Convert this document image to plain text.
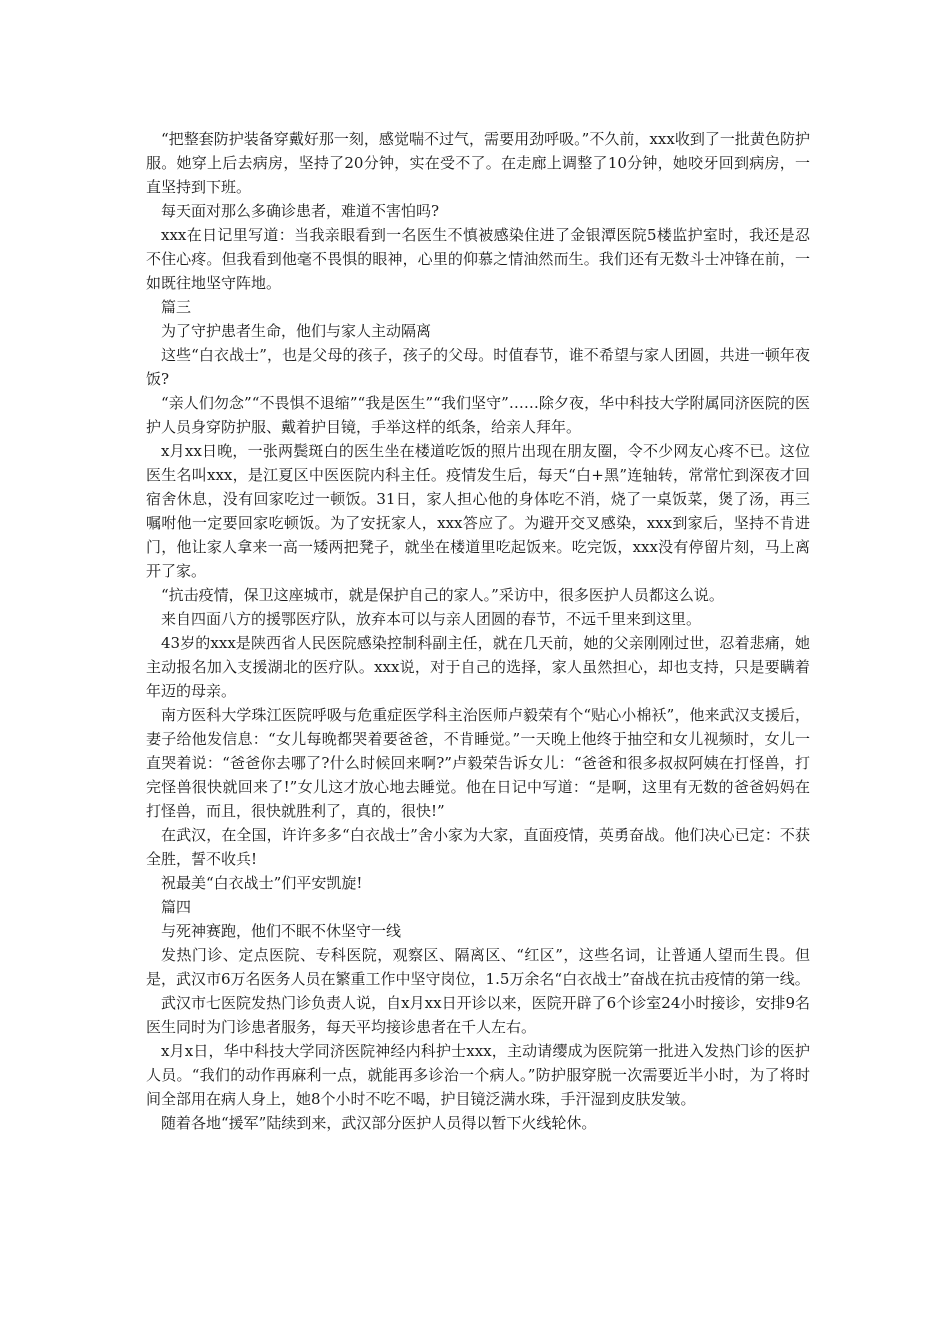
“把整套防护装备穿戴好那一刻，感觉喘不过气，需要用劲呼吸。”不久前，xxx收到了一批黄色防护服。她穿上后去病房，坚持了20分钟，实在受不了。在走廊上调整了10分钟，她咬牙回到病房，一直坚持到下班。

每天面对那么多确诊患者，难道不害怕吗?

xxx在日记里写道：当我亲眼看到一名医生不慎被感染住进了金银潭医院5楼监护室时，我还是忍不住心疼。但我看到他毫不畏惧的眼神，心里的仰慕之情油然而生。我们还有无数斗士冲锋在前，一如既往地坚守阵地。

篇三

为了守护患者生命，他们与家人主动隔离

这些“白衣战士”，也是父母的孩子，孩子的父母。时值春节，谁不希望与家人团圆，共进一顿年夜饭?

“亲人们勿念”“不畏惧不退缩”“我是医生”“我们坚守”……除夕夜，华中科技大学附属同济医院的医护人员身穿防护服、戴着护目镜，手举这样的纸条，给亲人拜年。

x月xx日晚，一张两鬓斑白的医生坐在楼道吃饭的照片出现在朋友圈，令不少网友心疼不已。这位医生名叫xxx，是江夏区中医医院内科主任。疫情发生后，每天“白+黑”连轴转，常常忙到深夜才回宿舍休息，没有回家吃过一顿饭。31日，家人担心他的身体吃不消，烧了一桌饭菜，煲了汤，再三嘱咐他一定要回家吃顿饭。为了安抚家人，xxx答应了。为避开交叉感染，xxx到家后，坚持不肯进门，他让家人拿来一高一矮两把凳子，就坐在楼道里吃起饭来。吃完饭，xxx没有停留片刻，马上离开了家。

“抗击疫情，保卫这座城市，就是保护自己的家人。”采访中，很多医护人员都这么说。

来自四面八方的援鄂医疗队，放弃本可以与亲人团圆的春节，不远千里来到这里。

43岁的xxx是陕西省人民医院感染控制科副主任，就在几天前，她的父亲刚刚过世，忍着悲痛，她主动报名加入支援湖北的医疗队。xxx说，对于自己的选择，家人虽然担心，却也支持，只是要瞒着年迈的母亲。

南方医科大学珠江医院呼吸与危重症医学科主治医师卢毅荣有个“贴心小棉袄”，他来武汉支援后，妻子给他发信息：“女儿每晚都哭着要爸爸，不肯睡觉。”一天晚上他终于抽空和女儿视频时，女儿一直哭着说：“爸爸你去哪了?什么时候回来啊?”卢毅荣告诉女儿：“爸爸和很多叔叔阿姨在打怪兽，打完怪兽很快就回来了!”女儿这才放心地去睡觉。他在日记中写道：“是啊，这里有无数的爸爸妈妈在打怪兽，而且，很快就胜利了，真的，很快!”

在武汉，在全国，许许多多“白衣战士”舍小家为大家，直面疫情，英勇奋战。他们决心已定：不获全胜，誓不收兵!

祝最美“白衣战士”们平安凯旋!

篇四

与死神赛跑，他们不眠不休坚守一线

发热门诊、定点医院、专科医院，观察区、隔离区、“红区”，这些名词，让普通人望而生畏。但是，武汉市6万名医务人员在繁重工作中坚守岗位，1.5万余名“白衣战士”奋战在抗击疫情的第一线。

武汉市七医院发热门诊负责人说，自x月xx日开诊以来，医院开辟了6个诊室24小时接诊，安排9名医生同时为门诊患者服务，每天平均接诊患者在千人左右。

x月x日，华中科技大学同济医院神经内科护士xxx，主动请缨成为医院第一批进入发热门诊的医护人员。“我们的动作再麻利一点，就能再多诊治一个病人。”防护服穿脱一次需要近半小时，为了将时间全部用在病人身上，她8个小时不吃不喝，护目镜泛满水珠，手汗湿到皮肤发皱。

随着各地“援军”陆续到来，武汉部分医护人员得以暂下火线轮休。
